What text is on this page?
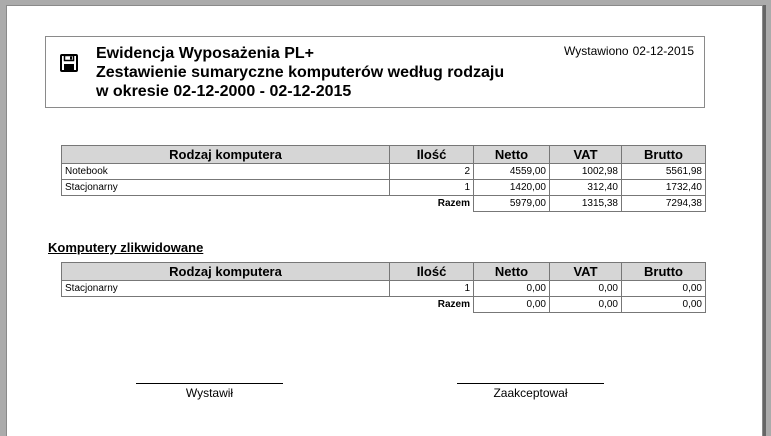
Ewidencja Wyposażenia PL+
Zestawienie sumaryczne komputerów według rodzaju
w okresie 02-12-2000 - 02-12-2015
Wystawiono 02-12-2015
Rodzaj komputera	Ilość	Netto	VAT	Brutto
Notebook	2	4559,00	1002,98	5561,98
Stacjonarny	1	1420,00	312,40	1732,40
	Razem	5979,00	1315,38	7294,38
Komputery zlikwidowane
Rodzaj komputera	Ilość	Netto	VAT	Brutto
Stacjonarny	1	0,00	0,00	0,00
	Razem	0,00	0,00	0,00
Wystawił	Zaakceptował
